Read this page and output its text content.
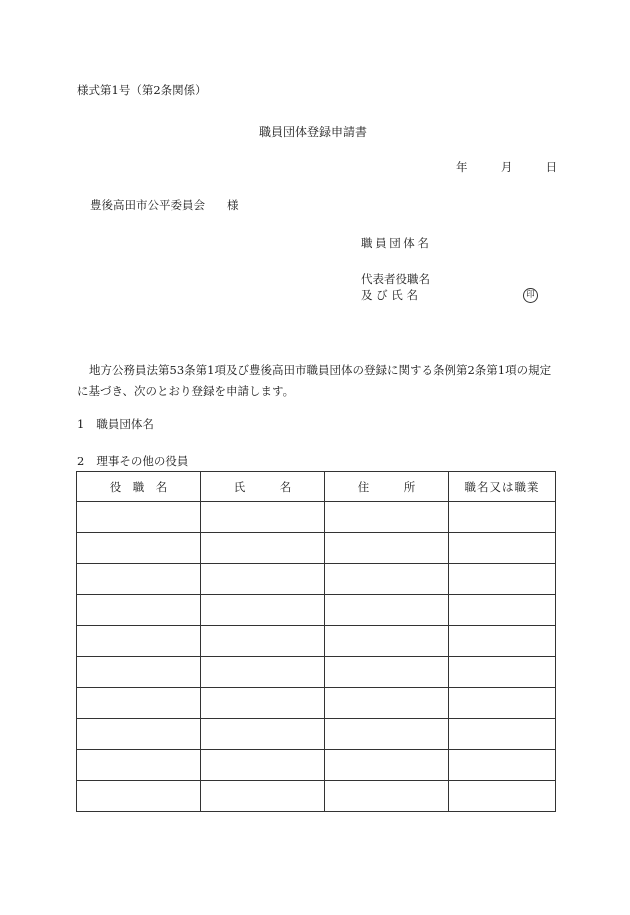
様式第1号（第2条関係）
職員団体登録申請書
年	月	日
豊後高田市公平委員会 様
職員団体名
代表者役職名
及 び 氏 名	印
地方公務員法第53条第1項及び豊後高田市職員団体の登録に関する条例第2条第1項の規定に基づき、次のとおり登録を申請します。
1 職員団体名
2 理事その他の役員
役　職　名	氏　　　名	住　　　所	職名又は職業
